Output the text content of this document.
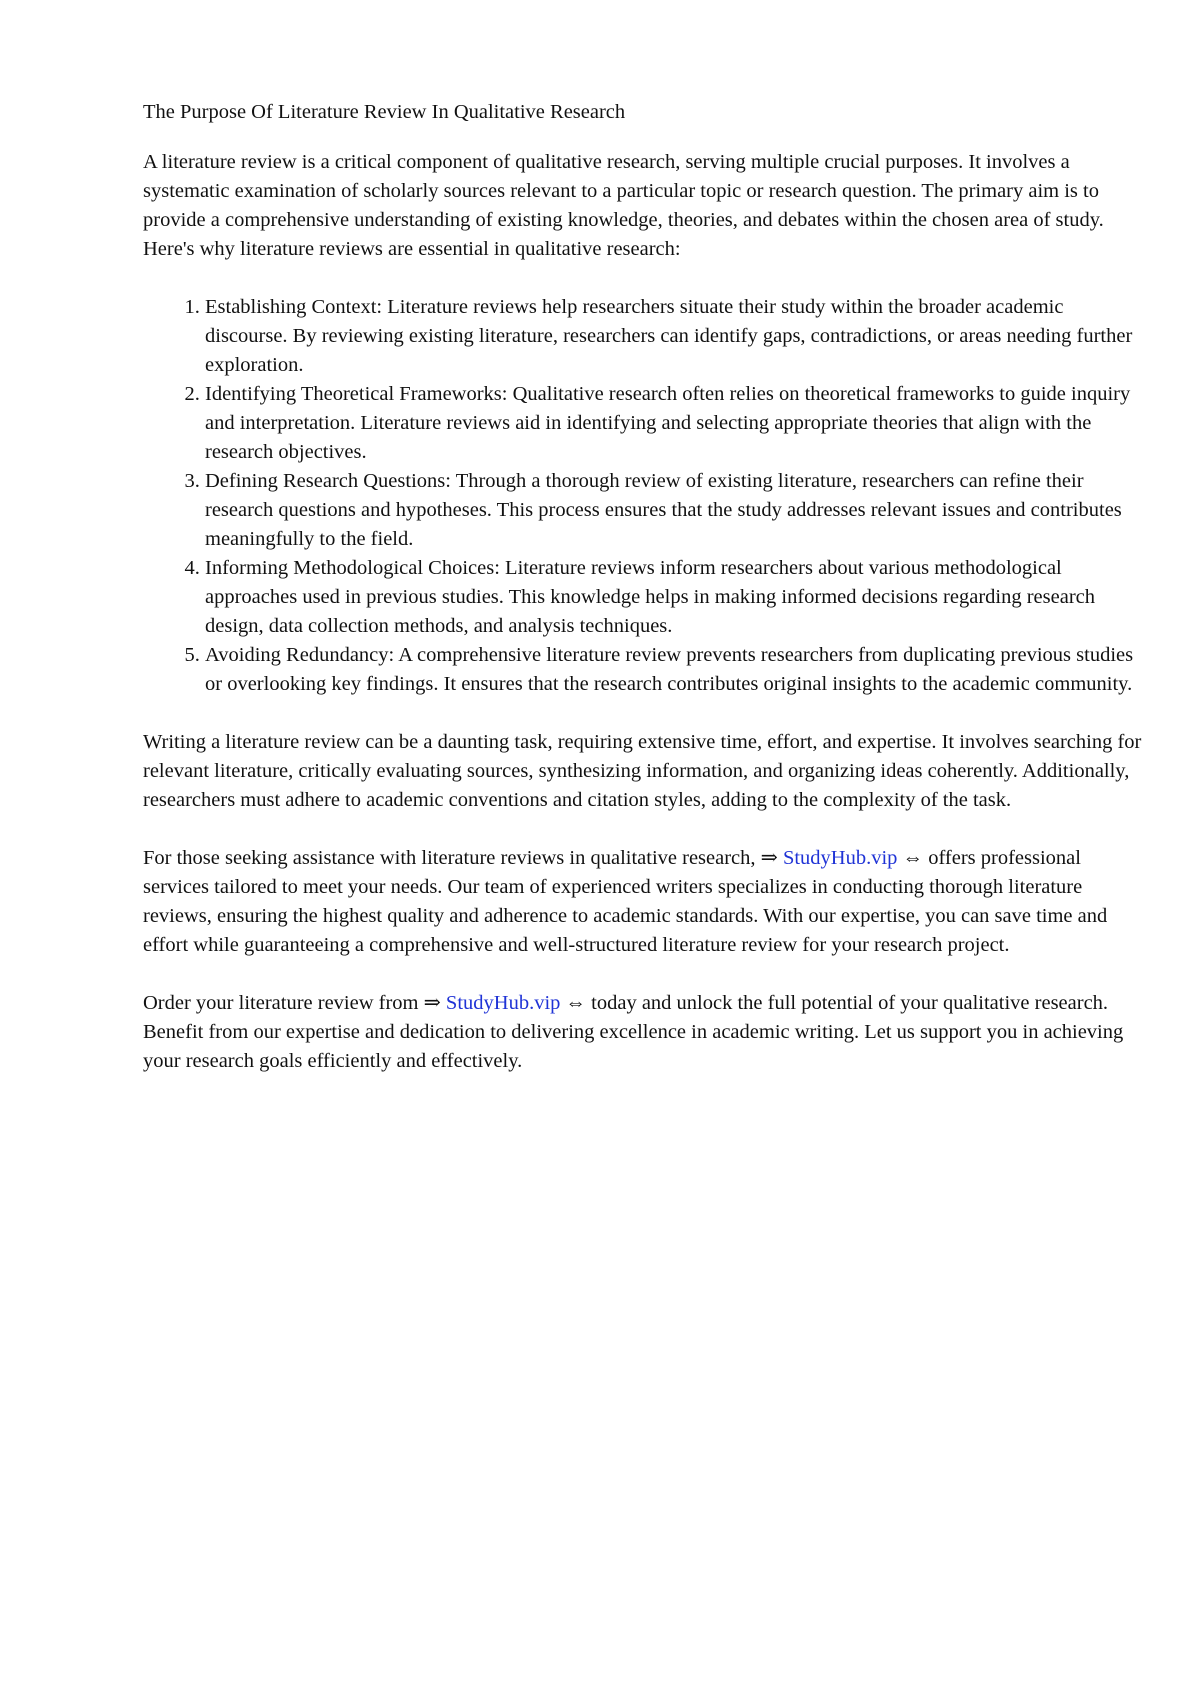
The Purpose Of Literature Review In Qualitative Research

A literature review is a critical component of qualitative research, serving multiple crucial purposes. It involves a systematic examination of scholarly sources relevant to a particular topic or research question. The primary aim is to provide a comprehensive understanding of existing knowledge, theories, and debates within the chosen area of study. Here's why literature reviews are essential in qualitative research:

1. Establishing Context: Literature reviews help researchers situate their study within the broader academic discourse. By reviewing existing literature, researchers can identify gaps, contradictions, or areas needing further exploration.
2. Identifying Theoretical Frameworks: Qualitative research often relies on theoretical frameworks to guide inquiry and interpretation. Literature reviews aid in identifying and selecting appropriate theories that align with the research objectives.
3. Defining Research Questions: Through a thorough review of existing literature, researchers can refine their research questions and hypotheses. This process ensures that the study addresses relevant issues and contributes meaningfully to the field.
4. Informing Methodological Choices: Literature reviews inform researchers about various methodological approaches used in previous studies. This knowledge helps in making informed decisions regarding research design, data collection methods, and analysis techniques.
5. Avoiding Redundancy: A comprehensive literature review prevents researchers from duplicating previous studies or overlooking key findings. It ensures that the research contributes original insights to the academic community.

Writing a literature review can be a daunting task, requiring extensive time, effort, and expertise. It involves searching for relevant literature, critically evaluating sources, synthesizing information, and organizing ideas coherently. Additionally, researchers must adhere to academic conventions and citation styles, adding to the complexity of the task.

For those seeking assistance with literature reviews in qualitative research, ⇒ StudyHub.vip ⇔ offers professional services tailored to meet your needs. Our team of experienced writers specializes in conducting thorough literature reviews, ensuring the highest quality and adherence to academic standards. With our expertise, you can save time and effort while guaranteeing a comprehensive and well-structured literature review for your research project.

Order your literature review from ⇒ StudyHub.vip ⇔ today and unlock the full potential of your qualitative research. Benefit from our expertise and dedication to delivering excellence in academic writing. Let us support you in achieving your research goals efficiently and effectively.
